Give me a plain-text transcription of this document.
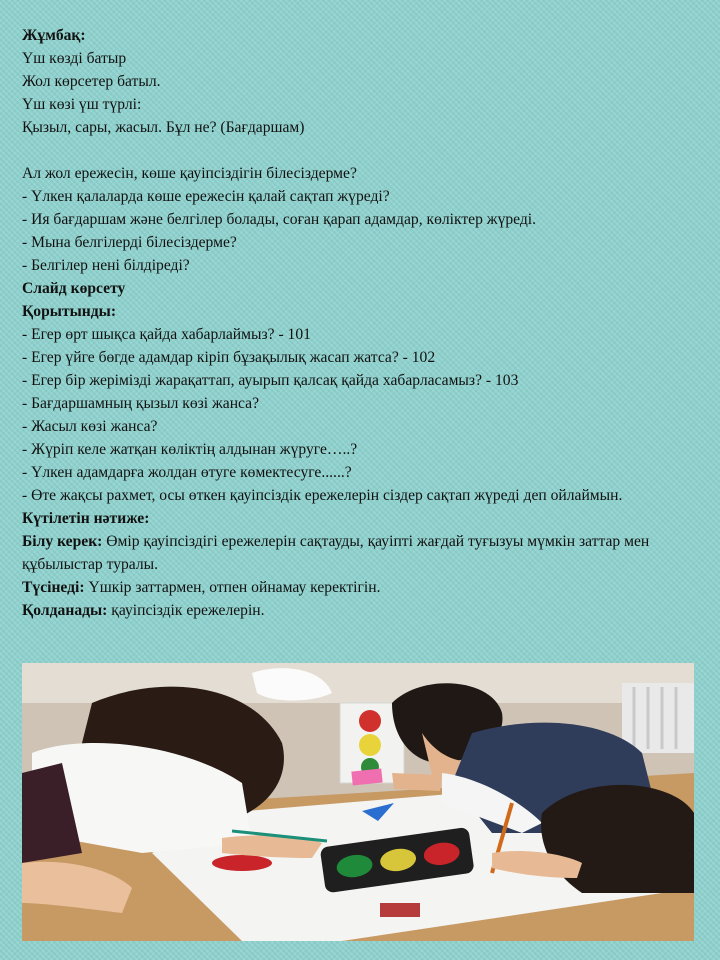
Жұмбақ:
Үш көзді батыр
Жол көрсетер батыл.
Үш көзі үш түрлі:
Қызыл, сары, жасыл. Бұл не? (Бағдаршам)
Ал жол ережесін, көше қауіпсіздігін білесіздерме?
- Үлкен қалаларда көше ережесін қалай сақтап жүреді?
- Ия бағдаршам және белгілер болады, соған қарап адамдар, көліктер жүреді.
- Мына белгілерді білесіздерме?
- Белгілер нені білдіреді?
Слайд көрсету
Қорытынды:
- Егер өрт шықса қайда хабарлаймыз? - 101
- Егер үйге бөгде адамдар кіріп бұзақылық жасап жатса? - 102
- Егер бір жерімізді жарақаттап, ауырып қалсақ қайда хабарласамыз? - 103
- Бағдаршамның қызыл көзі жанса?
- Жасыл көзі жанса?
- Жүріп келе жатқан көліктің алдынан жүруге…..?
- Үлкен адамдарға жолдан өтуге көмектесуге......?
- Өте жақсы рахмет, осы өткен қауіпсіздік ережелерін сіздер сақтап жүреді деп ойлаймын.
Күтілетін нәтиже:
Білу керек: Өмір қауіпсіздігі ережелерін сақтауды, қауіпті жағдай туғызуы мүмкін заттар мен құбылыстар туралы.
Түсінеді: Үшкір заттармен, отпен ойнамау керектігін.
Қолданады: қауіпсіздік ережелерін.
